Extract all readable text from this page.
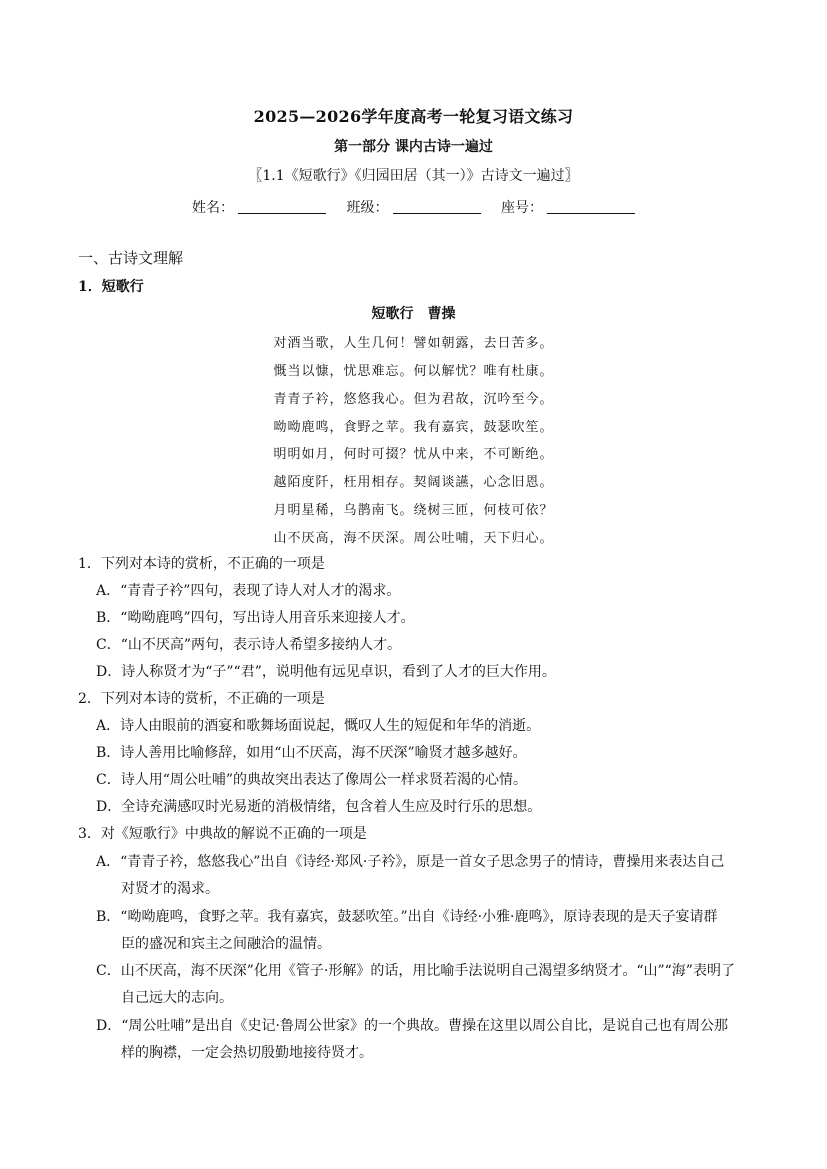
2025—2026学年度高考一轮复习语文练习
第一部分 课内古诗一遍过
〖1.1《短歌行》《归园田居（其一）》古诗文一遍过〗
姓名：	班级：	座号：
一、古诗文理解
1．短歌行
短歌行　曹操
对酒当歌，人生几何！譬如朝露，去日苦多。
慨当以慷，忧思难忘。何以解忧？唯有杜康。
青青子衿，悠悠我心。但为君故，沉吟至今。
呦呦鹿鸣，食野之苹。我有嘉宾，鼓瑟吹笙。
明明如月，何时可掇？忧从中来，不可断绝。
越陌度阡，枉用相存。契阔谈讌，心念旧恩。
月明星稀，乌鹊南飞。绕树三匝，何枝可依？
山不厌高，海不厌深。周公吐哺，天下归心。
1．下列对本诗的赏析，不正确的一项是
A．“青青子衿”四句，表现了诗人对人才的渴求。
B．“呦呦鹿鸣”四句，写出诗人用音乐来迎接人才。
C．“山不厌高”两句，表示诗人希望多接纳人才。
D．诗人称贤才为“子”“君”，说明他有远见卓识，看到了人才的巨大作用。
2．下列对本诗的赏析，不正确的一项是
A．诗人由眼前的酒宴和歌舞场面说起，慨叹人生的短促和年华的消逝。
B．诗人善用比喻修辞，如用“山不厌高，海不厌深”喻贤才越多越好。
C．诗人用“周公吐哺”的典故突出表达了像周公一样求贤若渴的心情。
D．全诗充满感叹时光易逝的消极情绪，包含着人生应及时行乐的思想。
3．对《短歌行》中典故的解说不正确的一项是
A．“青青子衿，悠悠我心”出自《诗经·郑风·子衿》，原是一首女子思念男子的情诗，曹操用来表达自己
对贤才的渴求。
B．“呦呦鹿鸣，食野之苹。我有嘉宾，鼓瑟吹笙。”出自《诗经·小雅·鹿鸣》，原诗表现的是天子宴请群
臣的盛况和宾主之间融洽的温情。
C．山不厌高，海不厌深”化用《管子·形解》的话，用比喻手法说明自己渴望多纳贤才。“山”“海”表明了
自己远大的志向。
D．“周公吐哺”是出自《史记·鲁周公世家》的一个典故。曹操在这里以周公自比，是说自己也有周公那
样的胸襟，一定会热切殷勤地接待贤才。
